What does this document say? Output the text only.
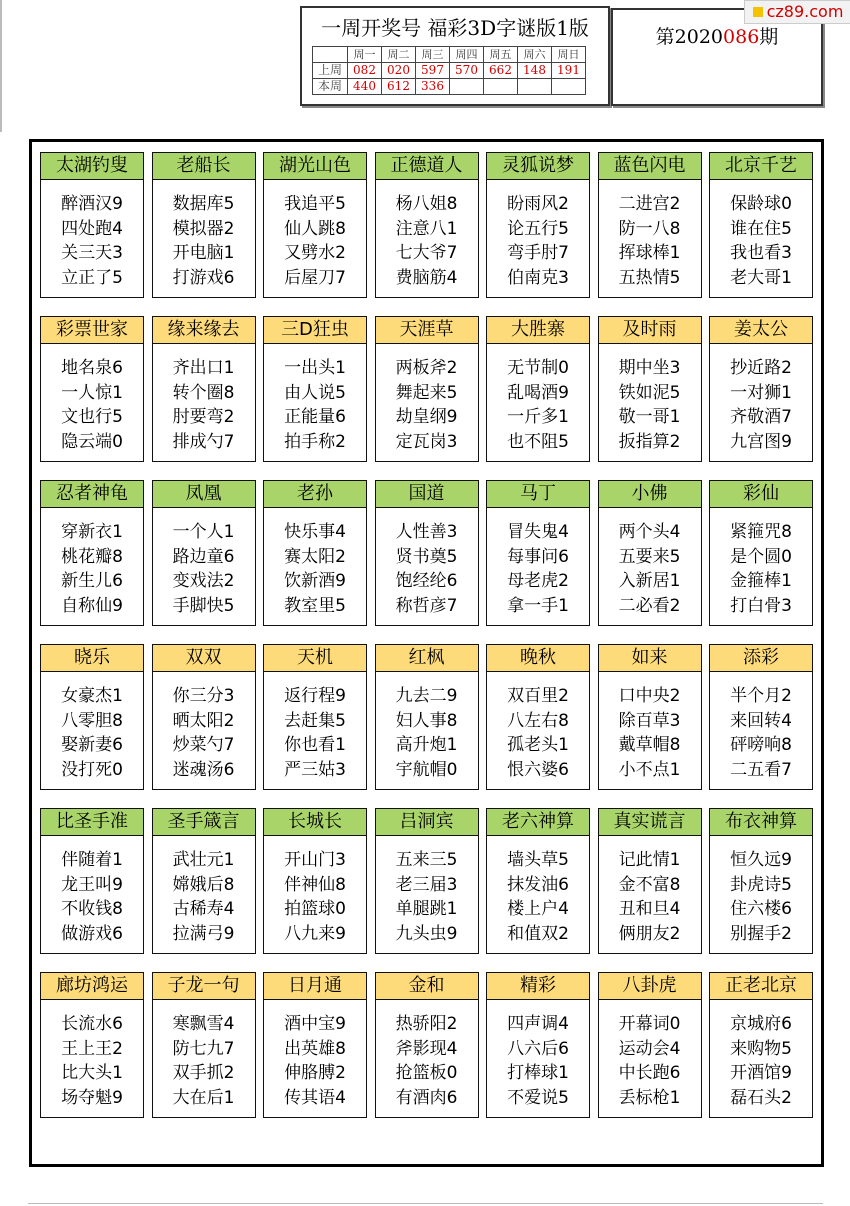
一周开奖号 福彩3D字谜版1版
	周一	周二	周三	周四	周五	周六	周日
上周	082	020	597	570	662	148	191
本周	440	612	336				
第2020086期
cz89.com
太湖钓叟
醉酒汉9
四处跑4
关三天3
立正了5
老船长
数据库5
模拟器2
开电脑1
打游戏6
湖光山色
我追平5
仙人跳8
又劈水2
后屋刀7
正德道人
杨八姐8
注意八1
七大爷7
费脑筋4
灵狐说梦
盼雨风2
论五行5
弯手肘7
伯南克3
蓝色闪电
二进宫2
防一八8
挥球棒1
五热情5
北京千艺
保龄球0
谁在住5
我也看3
老大哥1
彩票世家
地名泉6
一人惊1
文也行5
隐云端0
缘来缘去
齐出口1
转个圈8
肘要弯2
排成勺7
三D狂虫
一出头1
由人说5
正能量6
拍手称2
天涯草
两板斧2
舞起来5
劫皇纲9
定瓦岗3
大胜寨
无节制0
乱喝酒9
一斤多1
也不阻5
及时雨
期中坐3
铁如泥5
敬一哥1
扳指算2
姜太公
抄近路2
一对狮1
齐敬酒7
九宫图9
忍者神龟
穿新衣1
桃花瓣8
新生儿6
自称仙9
凤凰
一个人1
路边童6
变戏法2
手脚快5
老孙
快乐事4
赛太阳2
饮新酒9
教室里5
国道
人性善3
贤书奠5
饱经纶6
称哲彦7
马丁
冒失鬼4
每事问6
母老虎2
拿一手1
小佛
两个头4
五要来5
入新居1
二必看2
彩仙
紧箍咒8
是个圆0
金箍棒1
打白骨3
晓乐
女豪杰1
八零胆8
娶新妻6
没打死0
双双
你三分3
晒太阳2
炒菜勺7
迷魂汤6
天机
返行程9
去赶集5
你也看1
严三姑3
红枫
九去二9
妇人事8
高升炮1
宇航帽0
晚秋
双百里2
八左右8
孤老头1
恨六婆6
如来
口中央2
除百草3
戴草帽8
小不点1
添彩
半个月2
来回转4
砰嗙响8
二五看7
比圣手准
伴随着1
龙王叫9
不收钱8
做游戏6
圣手箴言
武壮元1
嫦娥后8
古稀寿4
拉满弓9
长城长
开山门3
伴神仙8
拍篮球0
八九来9
吕洞宾
五来三5
老三届3
单腿跳1
九头虫9
老六神算
墙头草5
抹发油6
楼上户4
和值双2
真实谎言
记此情1
金不富8
丑和旦4
俩朋友2
布衣神算
恒久远9
卦虎诗5
住六楼6
别握手2
廊坊鸿运
长流水6
王上王2
比大头1
场夺魁9
子龙一句
寒飘雪4
防七九7
双手抓2
大在后1
日月通
酒中宝9
出英雄8
伸胳膊2
传其语4
金和
热骄阳2
斧影现4
抢篮板0
有酒肉6
精彩
四声调4
八六后6
打棒球1
不爱说5
八卦虎
开幕词0
运动会4
中长跑6
丢标枪1
正老北京
京城府6
来购物5
开酒馆9
磊石头2
